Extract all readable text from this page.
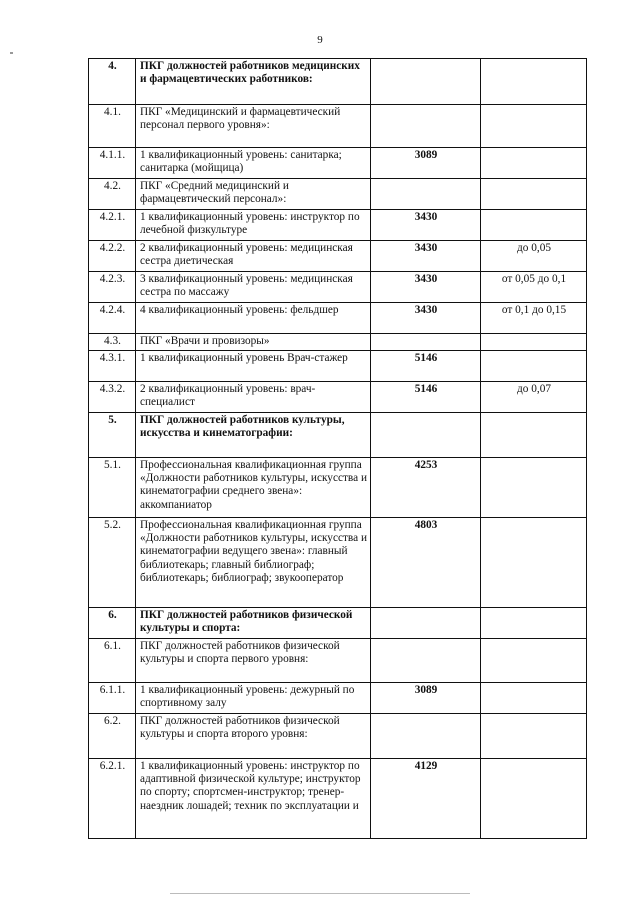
9
4.	ПКГ должностей работников медицинских и фармацевтических работников:		
4.1.	ПКГ «Медицинский и фармацевтический персонал первого уровня»:		
4.1.1.	1 квалификационный уровень: санитарка; санитарка (мойщица)	3089	
4.2.	ПКГ «Средний медицинский и фармацевтический персонал»:		
4.2.1.	1 квалификационный уровень: инструктор по лечебной физкультуре	3430	
4.2.2.	2 квалификационный уровень: медицинская сестра диетическая	3430	до 0,05
4.2.3.	3 квалификационный уровень: медицинская сестра по массажу	3430	от 0,05 до 0,1
4.2.4.	4 квалификационный уровень: фельдшер	3430	от 0,1 до 0,15
4.3.	ПКГ «Врачи и провизоры»		
4.3.1.	1 квалификационный уровень Врач-стажер	5146	
4.3.2.	2 квалификационный уровень: врач-специалист	5146	до 0,07
5.	ПКГ должностей работников культуры, искусства и кинематографии:		
5.1.	Профессиональная квалификационная группа «Должности работников культуры, искусства и кинематографии среднего звена»: аккомпаниатор	4253	
5.2.	Профессиональная квалификационная группа «Должности работников культуры, искусства и кинематографии ведущего звена»: главный библиотекарь; главный библиограф; библиотекарь; библиограф; звукооператор	4803	
6.	ПКГ должностей работников физической культуры и спорта:		
6.1.	ПКГ должностей работников физической культуры и спорта первого уровня:		
6.1.1.	1 квалификационный уровень: дежурный по спортивному залу	3089	
6.2.	ПКГ должностей работников физической культуры и спорта второго уровня:		
6.2.1.	1 квалификационный уровень: инструктор по адаптивной физической культуре; инструктор по спорту; спортсмен-инструктор; тренер-наездник лошадей; техник по эксплуатации и	4129	
